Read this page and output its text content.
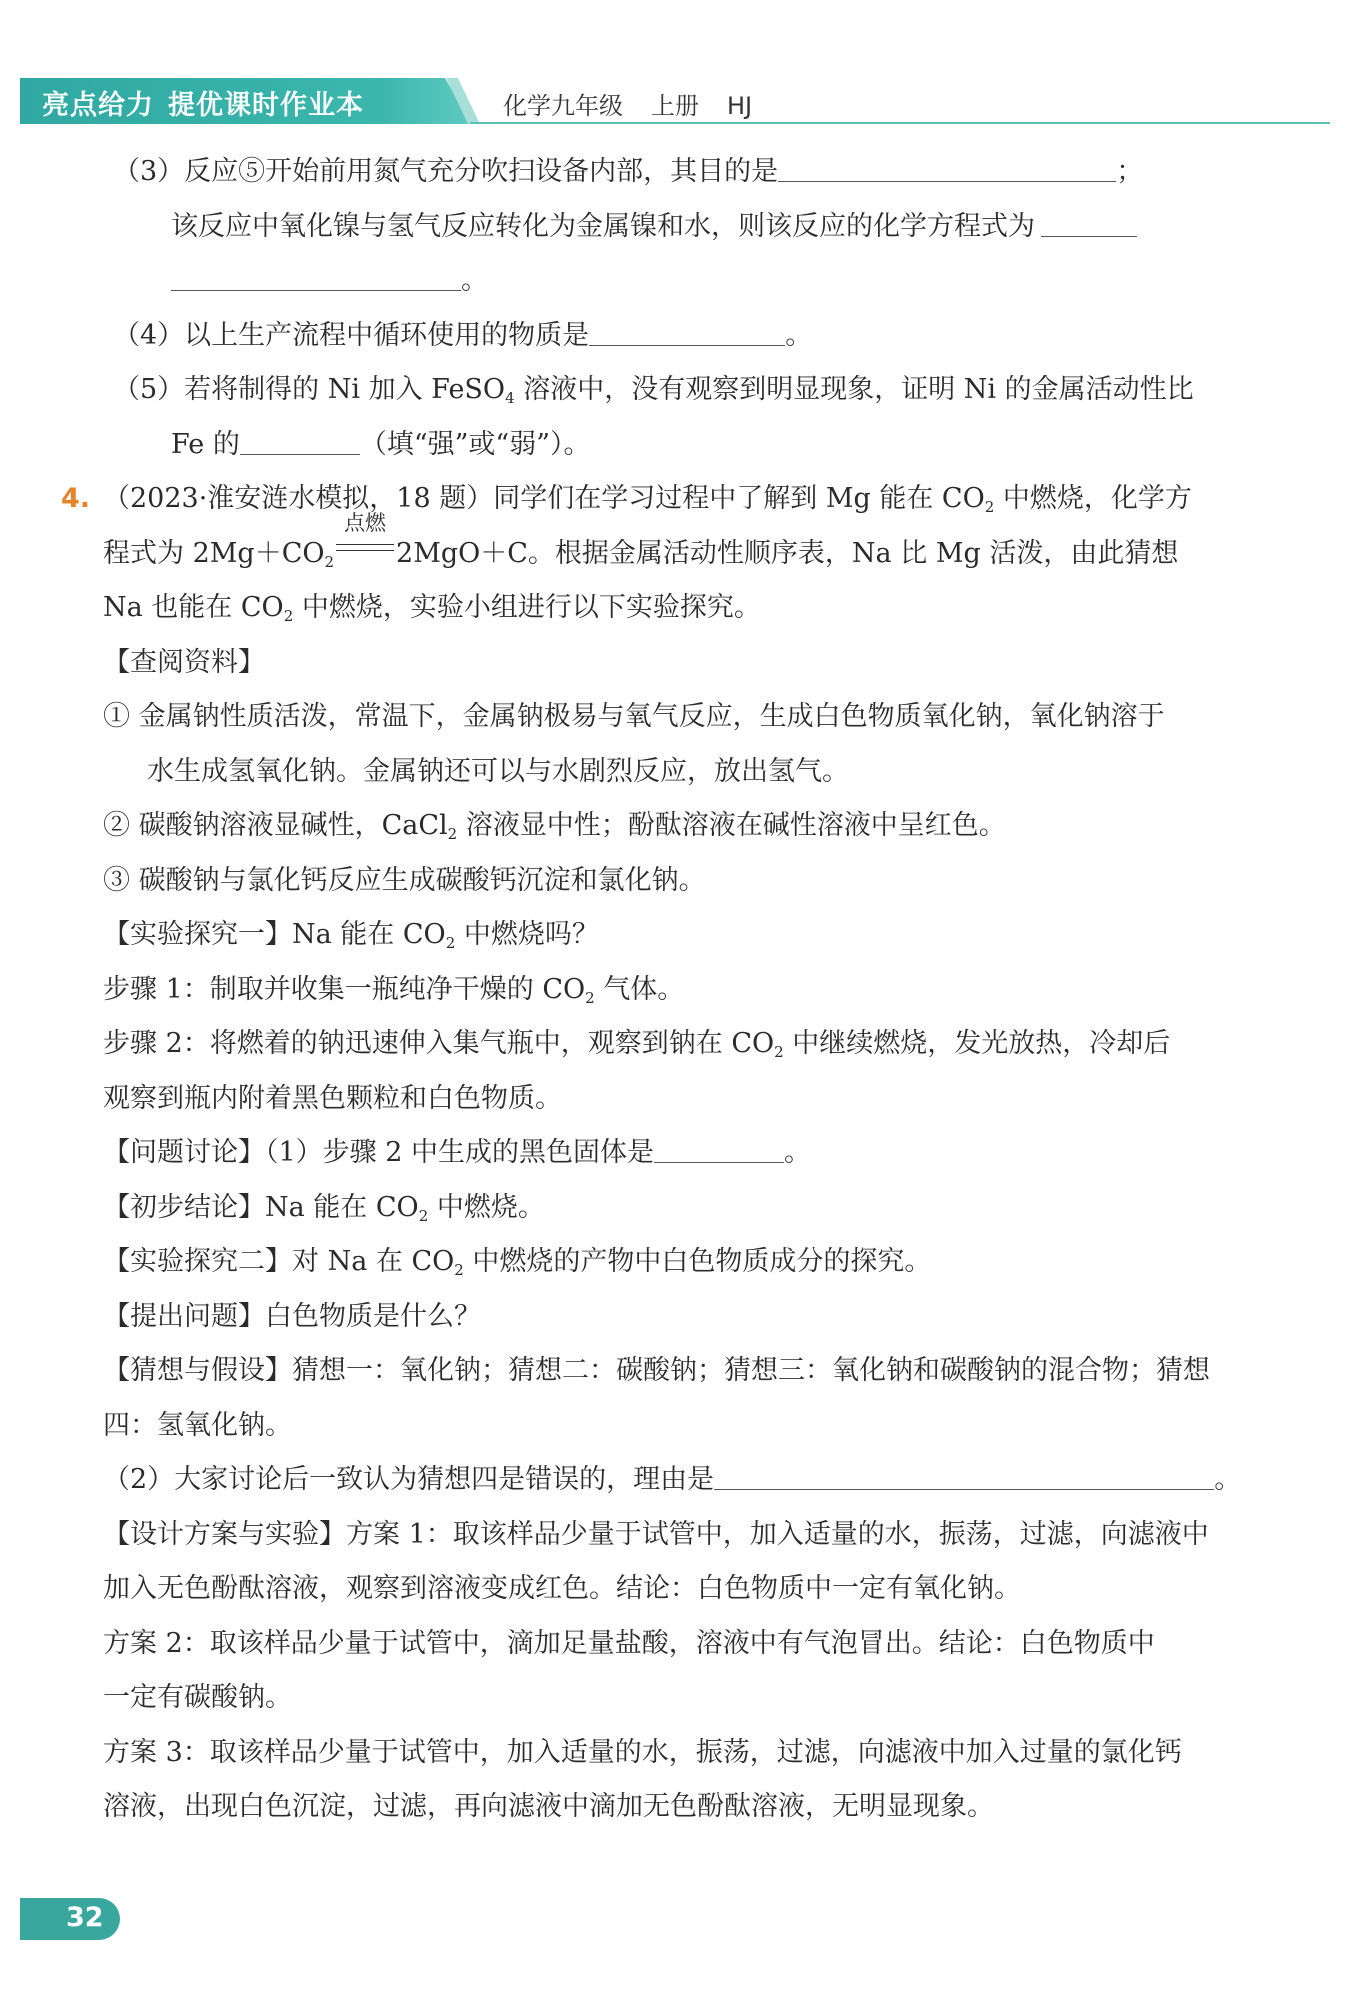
亮点给力 提优课时作业本	化学九年级 上册 HJ
（3）反应⑤开始前用氮气充分吹扫设备内部，其目的是	；
该反应中氧化镍与氢气反应转化为金属镍和水，则该反应的化学方程式为
。
（4）以上生产流程中循环使用的物质是	。
（5）若将制得的 Ni 加入 FeSO$_4$ 溶液中，没有观察到明显现象，证明 Ni 的金属活动性比
Fe 的	（填“强”或“弱”）。
4. （2023·淮安涟水模拟，18 题）同学们在学习过程中了解到 Mg 能在 $CO_2$ 中燃烧，化学方
程式为 $2Mg+CO_2$
点燃
2MgO＋C。根据金属活动性顺序表，Na 比 Mg 活泼，由此猜想
Na 也能在 $CO_2$ 中燃烧，实验小组进行以下实验探究。
【查阅资料】
① 金属钠性质活泼，常温下，金属钠极易与氧气反应，生成白色物质氧化钠，氧化钠溶于
水生成氢氧化钠。金属钠还可以与水剧烈反应，放出氢气。
② 碳酸钠溶液显碱性，CaCl$_2$ 溶液显中性；酚酞溶液在碱性溶液中呈红色。
③ 碳酸钠与氯化钙反应生成碳酸钙沉淀和氯化钠。
【实验探究一】Na 能在 $CO_2$ 中燃烧吗？
步骤 1：制取并收集一瓶纯净干燥的 $CO_2$ 气体。
步骤 2：将燃着的钠迅速伸入集气瓶中，观察到钠在 $CO_2$ 中继续燃烧，发光放热，冷却后
观察到瓶内附着黑色颗粒和白色物质。
【问题讨论】（1）步骤 2 中生成的黑色固体是	。
【初步结论】Na 能在 $CO_2$ 中燃烧。
【实验探究二】对 Na 在 $CO_2$ 中燃烧的产物中白色物质成分的探究。
【提出问题】白色物质是什么？
【猜想与假设】猜想一：氧化钠；猜想二：碳酸钠；猜想三：氧化钠和碳酸钠的混合物；猜想
四：氢氧化钠。
（2）大家讨论后一致认为猜想四是错误的，理由是	。
【设计方案与实验】方案 1：取该样品少量于试管中，加入适量的水，振荡，过滤，向滤液中
加入无色酚酞溶液，观察到溶液变成红色。结论：白色物质中一定有氧化钠。
方案 2：取该样品少量于试管中，滴加足量盐酸，溶液中有气泡冒出。结论：白色物质中
一定有碳酸钠。
方案 3：取该样品少量于试管中，加入适量的水，振荡，过滤，向滤液中加入过量的氯化钙
溶液，出现白色沉淀，过滤，再向滤液中滴加无色酚酞溶液，无明显现象。
32
